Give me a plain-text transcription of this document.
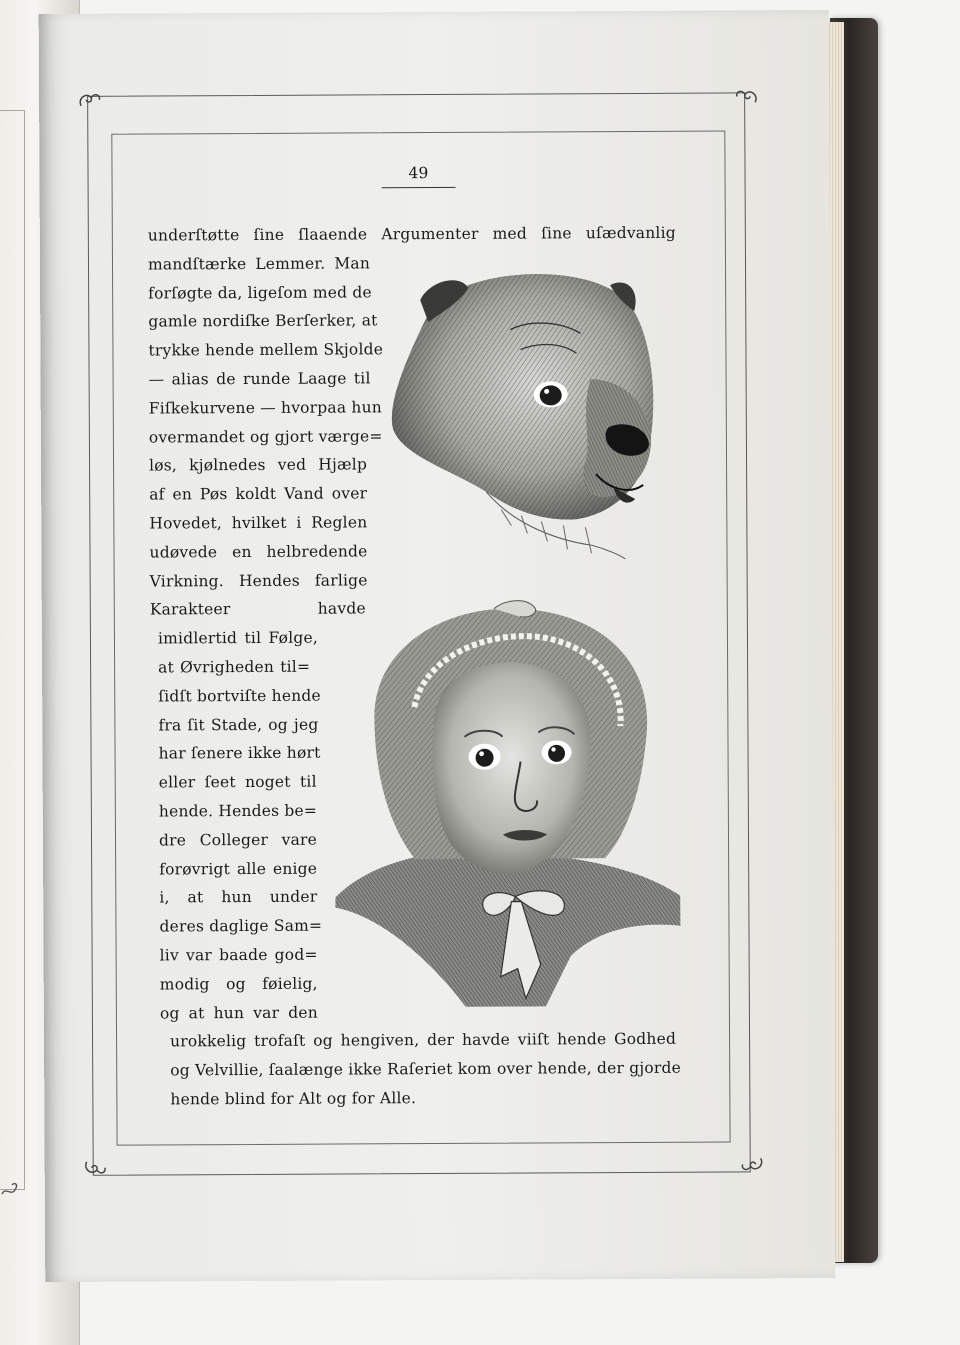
49
underſtøtte ſine ſlaaende Argumenter med ſine uſædvanlig
mandſtærke Lemmer. Man
forſøgte da, ligeſom med de
gamle nordiſke Berſerker, at
trykke hende mellem Skjolde
— alias de runde Laage til
Fiſkekurvene — hvorpaa hun
overmandet og gjort værge=
løs, kjølnedes ved Hjælp
af en Pøs koldt Vand over
Hovedet, hvilket i Reglen
udøvede en helbredende
Virkning. Hendes farlige
Karakteer havde
imidlertid til Følge,
at Øvrigheden til=
ſidſt bortviſte hende
fra ſit Stade, og jeg
har ſenere ikke hørt
eller ſeet noget til
hende. Hendes be=
dre Colleger vare
forøvrigt alle enige
i, at hun under
deres daglige Sam=
liv var baade god=
modig og føielig,
og at hun var den
urokkelig trofaſt og hengiven, der havde viiſt hende Godhed
og Velvillie, ſaalænge ikke Raſeriet kom over hende, der gjorde
hende blind for Alt og for Alle.
